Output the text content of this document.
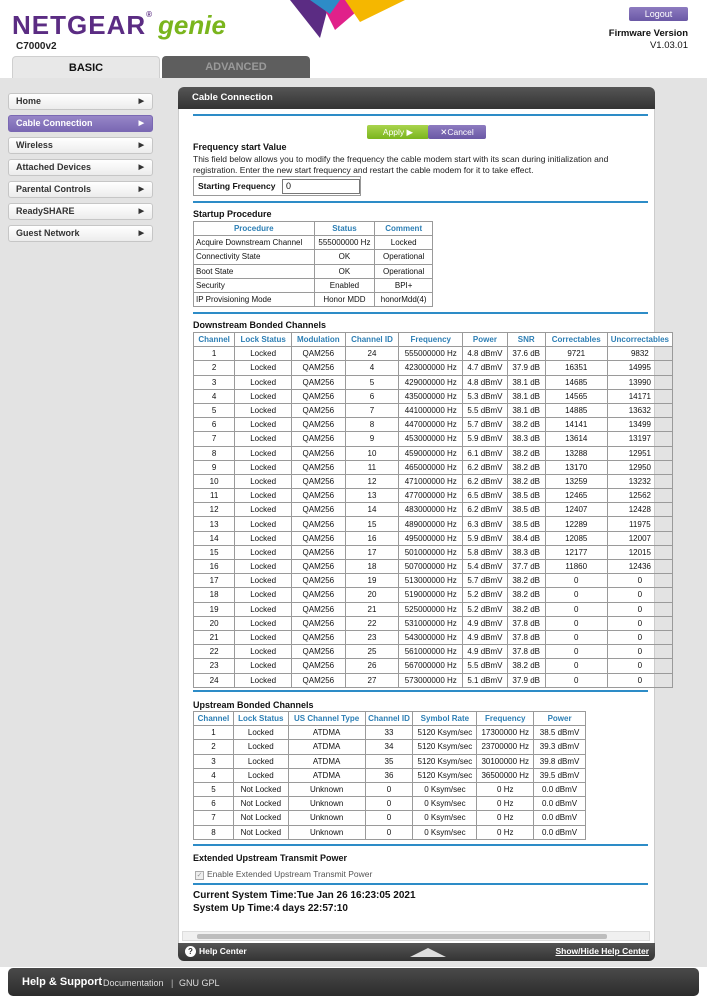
NETGEAR® genie
C7000v2
Logout
Firmware Version
V1.03.01
BASIC	ADVANCED
Home	▶
Cable Connection	▶
Wireless	▶
Attached Devices	▶
Parental Controls	▶
ReadySHARE	▶
Guest Network	▶
Cable Connection
Apply ▶	✕Cancel
Frequency start Value
This field below allows you to modify the frequency the cable modem start with its scan during initialization and registration. Enter the new start frequency and restart the cable modem for it to take effect.
Starting Frequency	0
Startup Procedure
Procedure	Status	Comment
Acquire Downstream Channel	555000000 Hz	Locked
Connectivity State	OK	Operational
Boot State	OK	Operational
Security	Enabled	BPI+
IP Provisioning Mode	Honor MDD	honorMdd(4)
Downstream Bonded Channels
Channel	Lock Status	Modulation	Channel ID	Frequency	Power	SNR	Correctables	Uncorrectables
1	Locked	QAM256	24	555000000 Hz	4.8 dBmV	37.6 dB	9721	9832
2	Locked	QAM256	4	423000000 Hz	4.7 dBmV	37.9 dB	16351	14995
3	Locked	QAM256	5	429000000 Hz	4.8 dBmV	38.1 dB	14685	13990
4	Locked	QAM256	6	435000000 Hz	5.3 dBmV	38.1 dB	14565	14171
5	Locked	QAM256	7	441000000 Hz	5.5 dBmV	38.1 dB	14885	13632
6	Locked	QAM256	8	447000000 Hz	5.7 dBmV	38.2 dB	14141	13499
7	Locked	QAM256	9	453000000 Hz	5.9 dBmV	38.3 dB	13614	13197
8	Locked	QAM256	10	459000000 Hz	6.1 dBmV	38.2 dB	13288	12951
9	Locked	QAM256	11	465000000 Hz	6.2 dBmV	38.2 dB	13170	12950
10	Locked	QAM256	12	471000000 Hz	6.2 dBmV	38.2 dB	13259	13232
11	Locked	QAM256	13	477000000 Hz	6.5 dBmV	38.5 dB	12465	12562
12	Locked	QAM256	14	483000000 Hz	6.2 dBmV	38.5 dB	12407	12428
13	Locked	QAM256	15	489000000 Hz	6.3 dBmV	38.5 dB	12289	11975
14	Locked	QAM256	16	495000000 Hz	5.9 dBmV	38.4 dB	12085	12007
15	Locked	QAM256	17	501000000 Hz	5.8 dBmV	38.3 dB	12177	12015
16	Locked	QAM256	18	507000000 Hz	5.4 dBmV	37.7 dB	11860	12436
17	Locked	QAM256	19	513000000 Hz	5.7 dBmV	38.2 dB	0	0
18	Locked	QAM256	20	519000000 Hz	5.2 dBmV	38.2 dB	0	0
19	Locked	QAM256	21	525000000 Hz	5.2 dBmV	38.2 dB	0	0
20	Locked	QAM256	22	531000000 Hz	4.9 dBmV	37.8 dB	0	0
21	Locked	QAM256	23	543000000 Hz	4.9 dBmV	37.8 dB	0	0
22	Locked	QAM256	25	561000000 Hz	4.9 dBmV	37.8 dB	0	0
23	Locked	QAM256	26	567000000 Hz	5.5 dBmV	38.2 dB	0	0
24	Locked	QAM256	27	573000000 Hz	5.1 dBmV	37.9 dB	0	0
Upstream Bonded Channels
Channel	Lock Status	US Channel Type	Channel ID	Symbol Rate	Frequency	Power
1	Locked	ATDMA	33	5120 Ksym/sec	17300000 Hz	38.5 dBmV
2	Locked	ATDMA	34	5120 Ksym/sec	23700000 Hz	39.3 dBmV
3	Locked	ATDMA	35	5120 Ksym/sec	30100000 Hz	39.8 dBmV
4	Locked	ATDMA	36	5120 Ksym/sec	36500000 Hz	39.5 dBmV
5	Not Locked	Unknown	0	0 Ksym/sec	0 Hz	0.0 dBmV
6	Not Locked	Unknown	0	0 Ksym/sec	0 Hz	0.0 dBmV
7	Not Locked	Unknown	0	0 Ksym/sec	0 Hz	0.0 dBmV
8	Not Locked	Unknown	0	0 Ksym/sec	0 Hz	0.0 dBmV
Extended Upstream Transmit Power
✓ Enable Extended Upstream Transmit Power
Current System Time:Tue Jan 26 16:23:05 2021
System Up Time:4 days 22:57:10
? Help Center	Show/Hide Help Center
Help & Support Documentation | GNU GPL
